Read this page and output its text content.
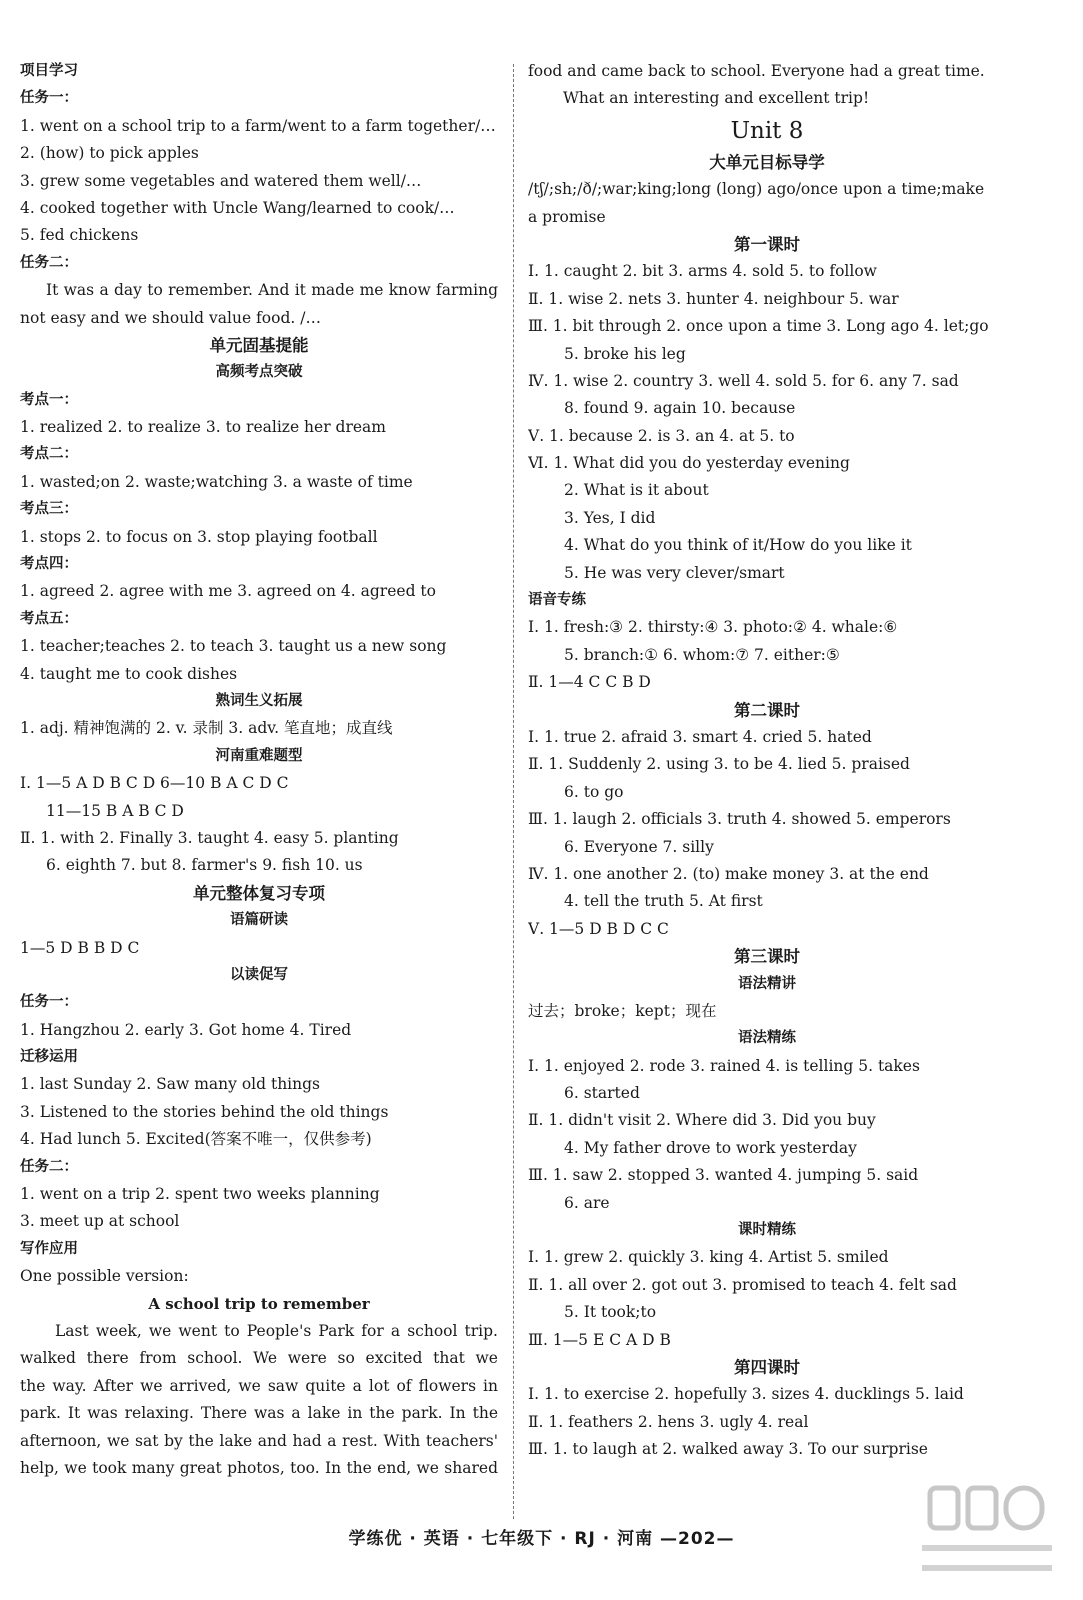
项目学习
任务一：
1. went on a school trip to a farm/went to a farm together/…
2. (how) to pick apples
3. grew some vegetables and watered them well/…
4. cooked together with Uncle Wang/learned to cook/…
5. fed chickens
任务二：
It was a day to remember. And it made me know farming
not easy and we should value food. /…
单元固基提能
高频考点突破
考点一：
1. realized 2. to realize 3. to realize her dream
考点二：
1. wasted;on 2. waste;watching 3. a waste of time
考点三：
1. stops 2. to focus on 3. stop playing football
考点四：
1. agreed 2. agree with me 3. agreed on 4. agreed to
考点五：
1. teacher;teaches 2. to teach 3. taught us a new song
4. taught me to cook dishes
熟词生义拓展
1. adj. 精神饱满的 2. v. 录制 3. adv. 笔直地；成直线
河南重难题型
Ⅰ. 1—5 A D B C D 6—10 B A C D C
11—15 B A B C D
Ⅱ. 1. with 2. Finally 3. taught 4. easy 5. planting
6. eighth 7. but 8. farmer's 9. fish 10. us
单元整体复习专项
语篇研读
1—5 D B B D C
以读促写
任务一：
1. Hangzhou 2. early 3. Got home 4. Tired
迁移运用
1. last Sunday 2. Saw many old things
3. Listened to the stories behind the old things
4. Had lunch 5. Excited(答案不唯一，仅供参考)
任务二：
1. went on a trip 2. spent two weeks planning
3. meet up at school
写作应用
One possible version:
A school trip to remember
Last week, we went to People's Park for a school trip.
walked there from school. We were so excited that we
the way. After we arrived, we saw quite a lot of flowers in
park. It was relaxing. There was a lake in the park. In the
afternoon, we sat by the lake and had a rest. With teachers'
help, we took many great photos, too. In the end, we shared
food and came back to school. Everyone had a great time.
What an interesting and excellent trip!
Unit 8
大单元目标导学
/tʃ/;sh;/ð/;war;king;long (long) ago/once upon a time;make
a promise
第一课时
Ⅰ. 1. caught 2. bit 3. arms 4. sold 5. to follow
Ⅱ. 1. wise 2. nets 3. hunter 4. neighbour 5. war
Ⅲ. 1. bit through 2. once upon a time 3. Long ago 4. let;go
5. broke his leg
Ⅳ. 1. wise 2. country 3. well 4. sold 5. for 6. any 7. sad
8. found 9. again 10. because
Ⅴ. 1. because 2. is 3. an 4. at 5. to
Ⅵ. 1. What did you do yesterday evening
2. What is it about
3. Yes, I did
4. What do you think of it/How do you like it
5. He was very clever/smart
语音专练
Ⅰ. 1. fresh:③ 2. thirsty:④ 3. photo:② 4. whale:⑥
5. branch:① 6. whom:⑦ 7. either:⑤
Ⅱ. 1—4 C C B D
第二课时
Ⅰ. 1. true 2. afraid 3. smart 4. cried 5. hated
Ⅱ. 1. Suddenly 2. using 3. to be 4. lied 5. praised
6. to go
Ⅲ. 1. laugh 2. officials 3. truth 4. showed 5. emperors
6. Everyone 7. silly
Ⅳ. 1. one another 2. (to) make money 3. at the end
4. tell the truth 5. At first
Ⅴ. 1—5 D B D C C
第三课时
语法精讲
过去；broke；kept；现在
语法精练
Ⅰ. 1. enjoyed 2. rode 3. rained 4. is telling 5. takes
6. started
Ⅱ. 1. didn't visit 2. Where did 3. Did you buy
4. My father drove to work yesterday
Ⅲ. 1. saw 2. stopped 3. wanted 4. jumping 5. said
6. are
课时精练
Ⅰ. 1. grew 2. quickly 3. king 4. Artist 5. smiled
Ⅱ. 1. all over 2. got out 3. promised to teach 4. felt sad
5. It took;to
Ⅲ. 1—5 E C A D B
第四课时
Ⅰ. 1. to exercise 2. hopefully 3. sizes 4. ducklings 5. laid
Ⅱ. 1. feathers 2. hens 3. ugly 4. real
Ⅲ. 1. to laugh at 2. walked away 3. To our surprise
学练优 · 英语 · 七年级下 · RJ · 河南 —202—
